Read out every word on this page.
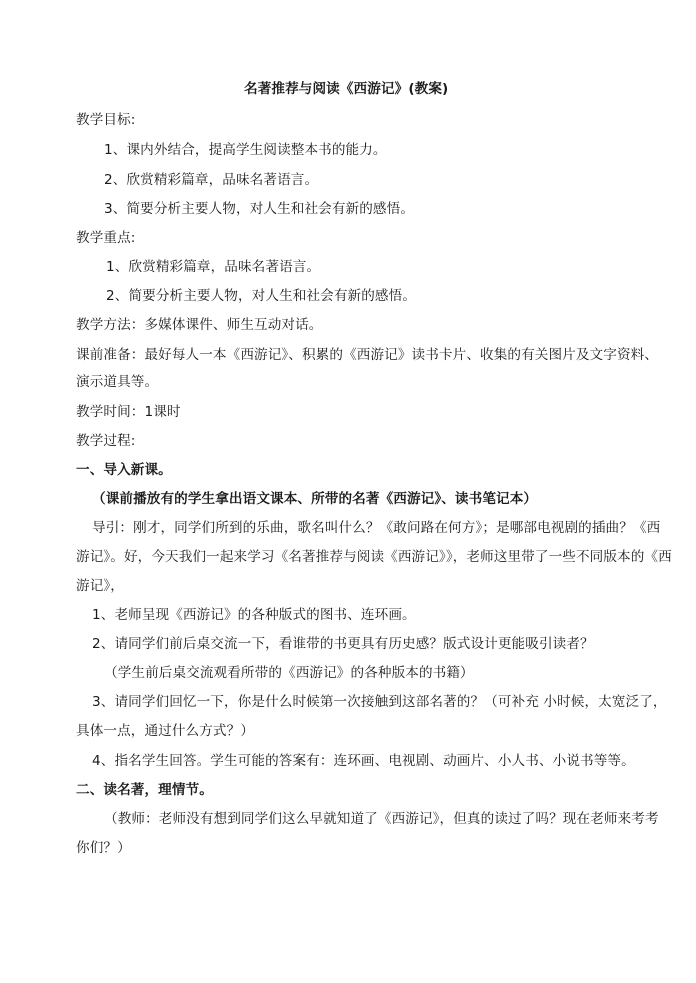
名著推荐与阅读《西游记》(教案)
教学目标:
1、课内外结合，提高学生阅读整本书的能力。
2、欣赏精彩篇章，品味名著语言。
3、简要分析主要人物，对人生和社会有新的感悟。
教学重点:
1、欣赏精彩篇章，品味名著语言。
2、简要分析主要人物，对人生和社会有新的感悟。
教学方法：多媒体课件、师生互动对话。
课前准备：最好每人一本《西游记》、积累的《西游记》读书卡片、收集的有关图片及文字资料、
演示道具等。
教学时间：1课时
教学过程:
一、导入新课。
（课前播放有的学生拿出语文课本、所带的名著《西游记》、读书笔记本）
导引：刚才，同学们所到的乐曲，歌名叫什么？《敢问路在何方》；是哪部电视剧的插曲？《西
游记》。好，今天我们一起来学习《名著推荐与阅读《西游记》》，老师这里带了一些不同版本的《西
游记》，
1、老师呈现《西游记》的各种版式的图书、连环画。
2、请同学们前后桌交流一下，看谁带的书更具有历史感？版式设计更能吸引读者？
（学生前后桌交流观看所带的《西游记》的各种版本的书籍）
3、请同学们回忆一下，你是什么时候第一次接触到这部名著的？（可补充 小时候，太宽泛了，
具体一点，通过什么方式？）
4、指名学生回答。学生可能的答案有：连环画、电视剧、动画片、小人书、小说书等等。
二、读名著，理情节。
（教师：老师没有想到同学们这么早就知道了《西游记》，但真的读过了吗？现在老师来考考
你们？）
